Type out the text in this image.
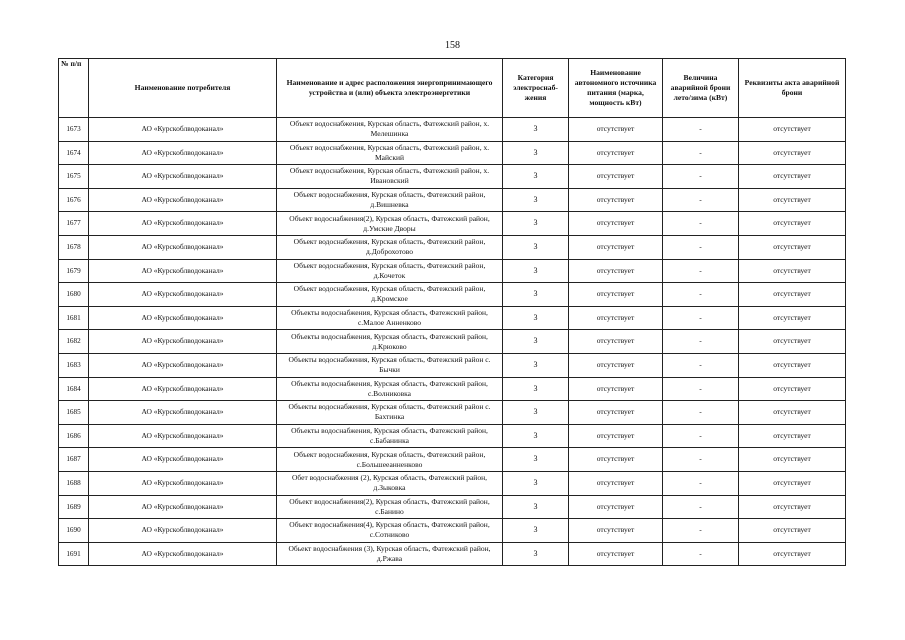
158
№ п/п	Наименование потребителя	Наименование и адрес расположения энергопринимающего устройства и (или) объекта электроэнергетики	Категория электроснаб-жения	Наименование автономного источника питания (марка, мощность кВт)	Величина аварийной брони лето/зима (кВт)	Реквизиты акта аварийной брони
1673	АО «Курскоблводоканал»	Объект водоснабжения, Курская область, Фатежский район, х. Мелешинка	3	отсутствует	-	отсутствует
1674	АО «Курскоблводоканал»	Объект водоснабжения, Курская область, Фатежский район, х. Майский	3	отсутствует	-	отсутствует
1675	АО «Курскоблводоканал»	Объект водоснабжения, Курская область, Фатежский район, х. Ивановский	3	отсутствует	-	отсутствует
1676	АО «Курскоблводоканал»	Объект водоснабжения, Курская область, Фатежский район, д.Вишневка	3	отсутствует	-	отсутствует
1677	АО «Курскоблводоканал»	Объект водоснабжения(2), Курская область, Фатежский район, д.Умские Дворы	3	отсутствует	-	отсутствует
1678	АО «Курскоблводоканал»	Объект водоснабжения, Курская область, Фатежский район, д.Доброхотово	3	отсутствует	-	отсутствует
1679	АО «Курскоблводоканал»	Объект водоснабжения, Курская область, Фатежский район, д.Кочеток	3	отсутствует	-	отсутствует
1680	АО «Курскоблводоканал»	Объект водоснабжения, Курская область, Фатежский район, д.Кромское	3	отсутствует	-	отсутствует
1681	АО «Курскоблводоканал»	Объекты водоснабжения, Курская область, Фатежский район, с.Малое Анненково	3	отсутствует	-	отсутствует
1682	АО «Курскоблводоканал»	Объекты водоснабжения, Курская область, Фатежский район, д.Крюково	3	отсутствует	-	отсутствует
1683	АО «Курскоблводоканал»	Объекты водоснабжения, Курская область, Фатежский район с. Бычки	3	отсутствует	-	отсутствует
1684	АО «Курскоблводоканал»	Объекты водоснабжения, Курская область, Фатежский район, с.Волниковка	3	отсутствует	-	отсутствует
1685	АО «Курскоблводоканал»	Объекты водоснабжения, Курская область, Фатежский район с. Бахтинка	3	отсутствует	-	отсутствует
1686	АО «Курскоблводоканал»	Объекты водоснабжения, Курская область, Фатежский район, с.Бабанинка	3	отсутствует	-	отсутствует
1687	АО «Курскоблводоканал»	Объект водоснабжения, Курская область, Фатежский район, с.Большееанненково	3	отсутствует	-	отсутствует
1688	АО «Курскоблводоканал»	Обет водоснабжения (2), Курская область, Фатежский район, д.Зыковка	3	отсутствует	-	отсутствует
1689	АО «Курскоблводоканал»	Объект водоснабжения(2), Курская область, Фатежский район, с.Банино	3	отсутствует	-	отсутствует
1690	АО «Курскоблводоканал»	Объект водоснабжения(4), Курская область, Фатежский район, с.Сотниково	3	отсутствует	-	отсутствует
1691	АО «Курскоблводоканал»	Обьект водоснабжения (3), Курская область, Фатежский район, д.Ржава	3	отсутствует	-	отсутствует
